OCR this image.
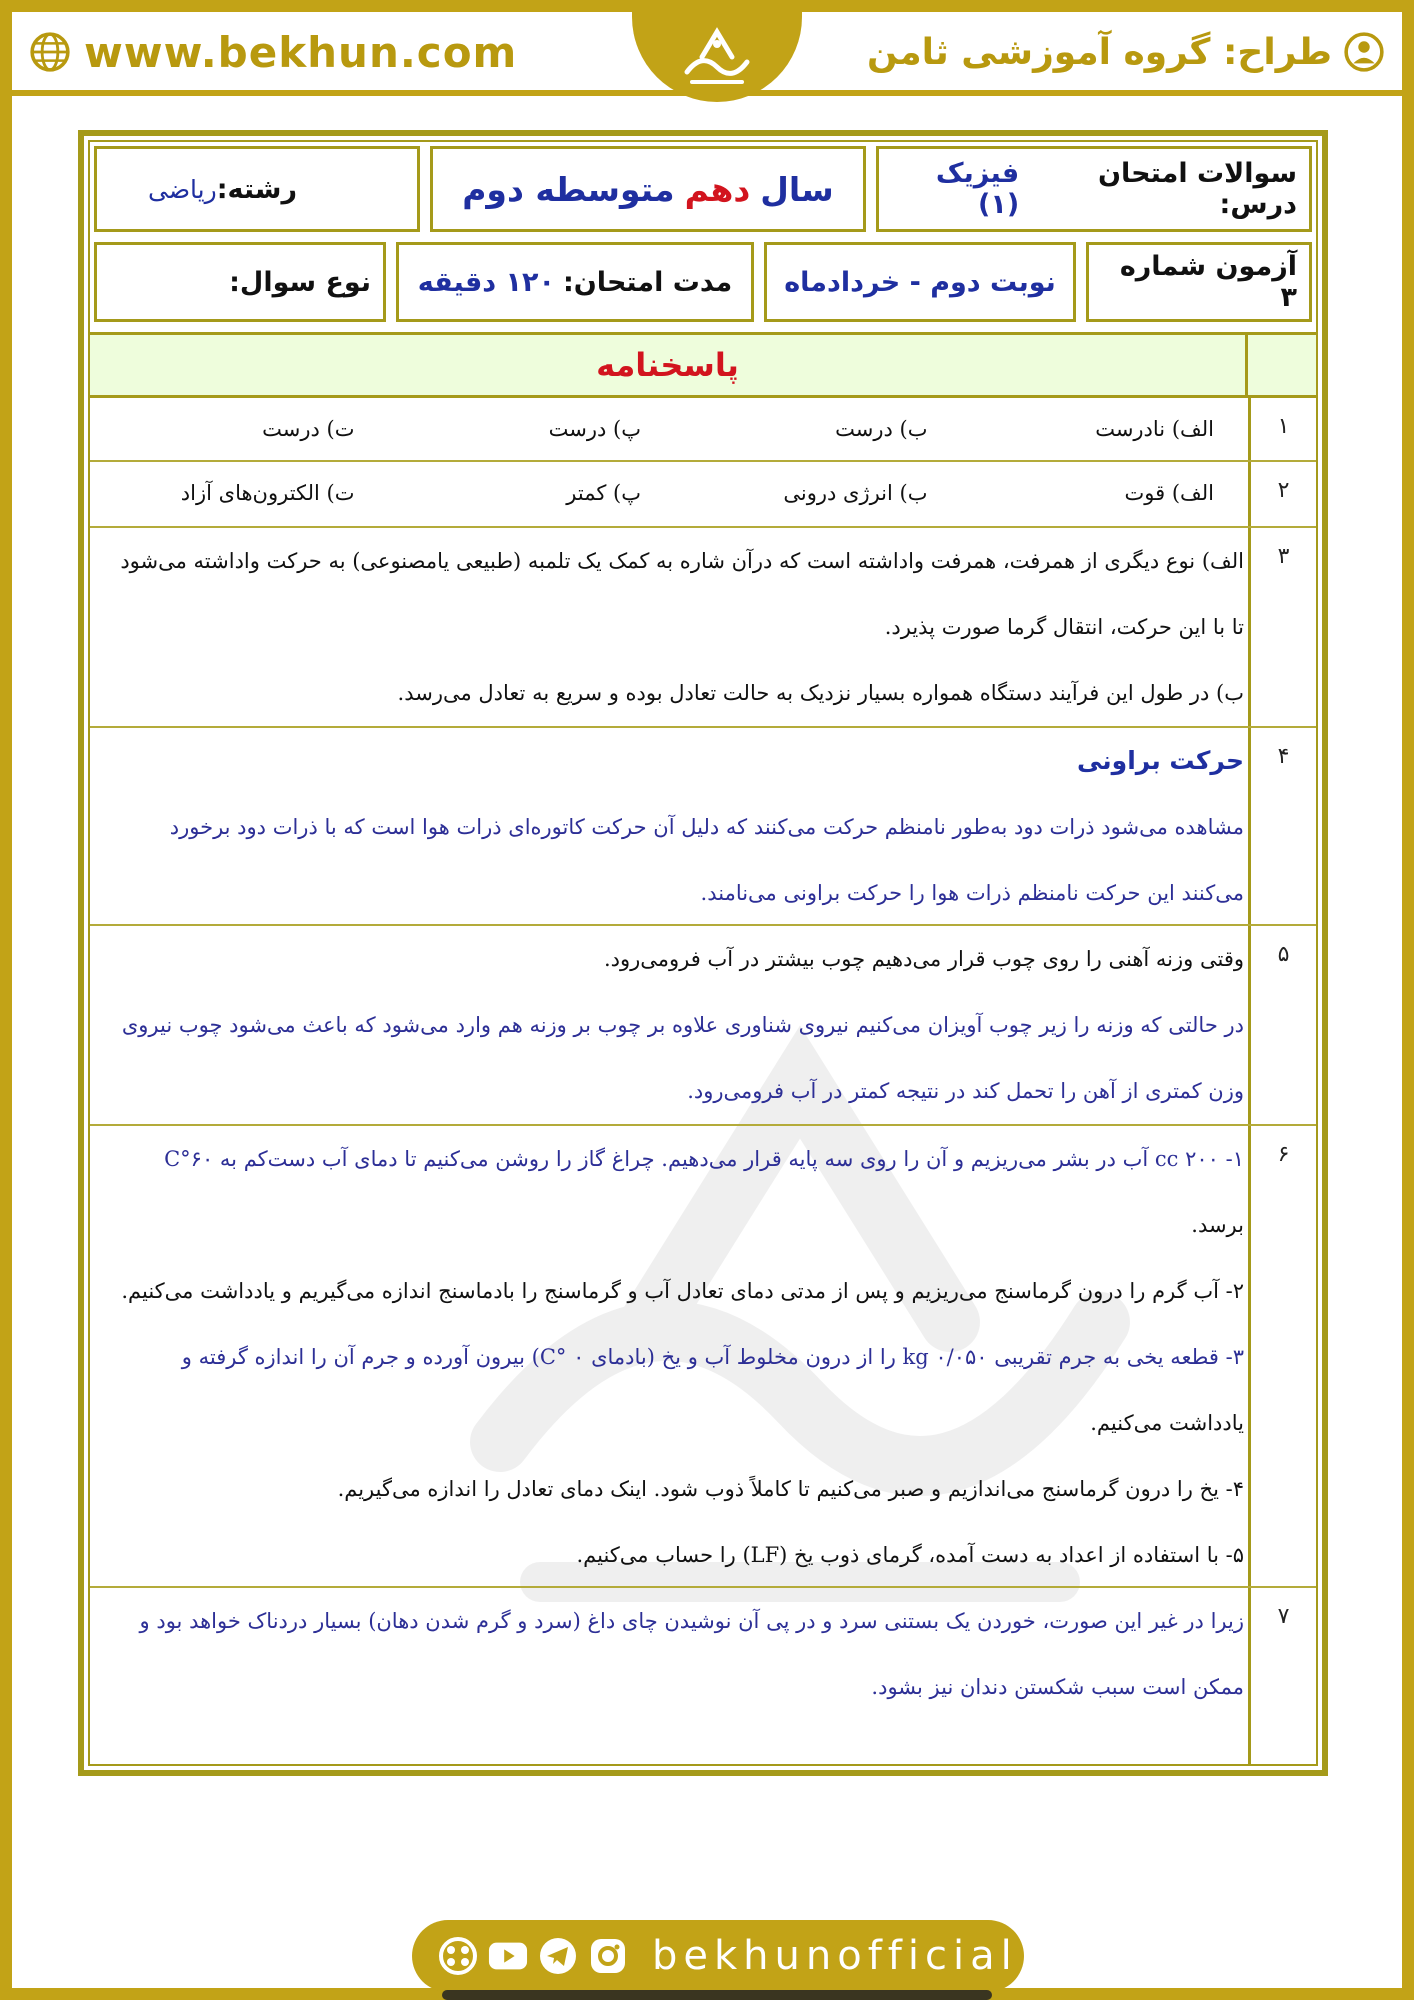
www.bekhun.com	طراح: گروه آموزشی ثامن
سوالات امتحان درس:
فیزیک (۱)
سال
دهم
متوسطه دوم
رشته:
ریاضی
آزمون شماره ۳
نوبت دوم - خردادماه
مدت امتحان:
۱۲۰ دقیقه
نوع سوال:
پاسخنامه
۱
الف) نادرست
ب) درست
پ) درست
ت) درست
۲
الف) قوت
ب) انرژی درونی
پ) کمتر
ت) الکترون‌های آزاد
۳

الف) نوع دیگری از همرفت، همرفت واداشته است که درآن شاره به کمک یک تلمبه (طبیعی یامصنوعی) به حرکت واداشته می‌شود

تا با این حرکت، انتقال گرما صورت پذیرد.

ب) در طول این فرآیند دستگاه همواره بسیار نزدیک به حالت تعادل بوده و سریع به تعادل می‌رسد.

۴

حرکت براونی

مشاهده می‌شود ذرات دود به‌طور نامنظم حرکت می‌کنند که دلیل آن حرکت کاتوره‌ای ذرات هوا است که با ذرات دود برخورد

می‌کنند این حرکت نامنظم ذرات هوا را حرکت براونی می‌نامند.

۵

وقتی وزنه آهنی را روی چوب قرار می‌دهیم چوب بیشتر در آب فرومی‌رود.

در حالتی که وزنه را زیر چوب آویزان می‌کنیم نیروی شناوری علاوه بر چوب بر وزنه هم وارد می‌شود که باعث می‌شود چوب نیروی

وزن کمتری از آهن را تحمل کند در نتیجه کمتر در آب فرومی‌رود.

۶

۱- ۲۰۰ cc آب در بشر می‌ریزیم و آن را روی سه پایه قرار می‌دهیم. چراغ گاز را روشن می‌کنیم تا دمای آب دست‌کم به ۶۰°C

برسد.

۲- آب گرم را درون گرماسنج می‌ریزیم و پس از مدتی دمای تعادل آب و گرماسنج را بادماسنج اندازه می‌گیریم و یادداشت می‌کنیم.

۳- قطعه یخی به جرم تقریبی ۰/۰۵۰ kg را از درون مخلوط آب و یخ (بادمای ۰ °C) بیرون آورده و جرم آن را اندازه گرفته و

یادداشت می‌کنیم.

۴- یخ را درون گرماسنج می‌اندازیم و صبر می‌کنیم تا کاملاً ذوب شود. اینک دمای تعادل را اندازه می‌گیریم.

۵- با استفاده از اعداد به دست آمده، گرمای ذوب یخ (LF) را حساب می‌کنیم.

۷

زیرا در غیر این صورت، خوردن یک بستنی سرد و در پی آن نوشیدن چای داغ (سرد و گرم شدن دهان) بسیار دردناک خواهد بود و

ممکن است سبب شکستن دندان نیز بشود.

bekhunofficial
